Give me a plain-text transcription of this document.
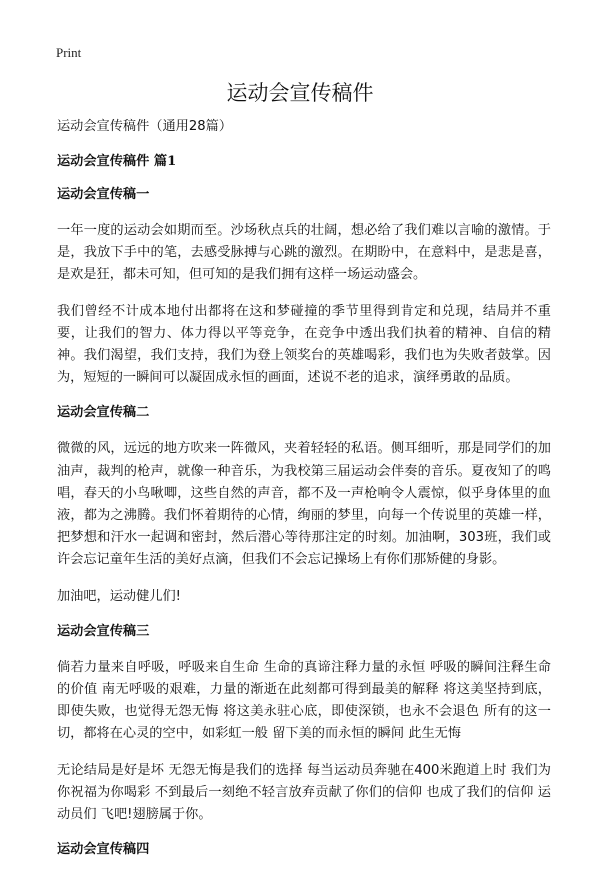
Print
运动会宣传稿件

运动会宣传稿件（通用28篇）

运动会宣传稿件 篇1

运动会宣传稿一

一年一度的运动会如期而至。沙场秋点兵的壮阔，想必给了我们难以言喻的激情。于是，我放下手中的笔，去感受脉搏与心跳的激烈。在期盼中，在意料中，是悲是喜，是欢是狂，都未可知，但可知的是我们拥有这样一场运动盛会。

我们曾经不计成本地付出都将在这和梦碰撞的季节里得到肯定和兑现，结局并不重要，让我们的智力、体力得以平等竞争，在竞争中透出我们执着的精神、自信的精神。我们渴望，我们支持，我们为登上领奖台的英雄喝彩，我们也为失败者鼓掌。因为，短短的一瞬间可以凝固成永恒的画面，述说不老的追求，演绎勇敢的品质。

运动会宣传稿二

微微的风，远远的地方吹来一阵微风，夹着轻轻的私语。侧耳细听，那是同学们的加油声，裁判的枪声，就像一种音乐，为我校第三届运动会伴奏的音乐。夏夜知了的鸣唱，春天的小鸟啾唧，这些自然的声音，都不及一声枪响令人震惊，似乎身体里的血液，都为之沸腾。我们怀着期待的心情，绚丽的梦里，向每一个传说里的英雄一样，把梦想和汗水一起调和密封，然后潜心等待那注定的时刻。加油啊，303班，我们或许会忘记童年生活的美好点滴，但我们不会忘记操场上有你们那矫健的身影。

加油吧，运动健儿们!

运动会宣传稿三

倘若力量来自呼吸，呼吸来自生命 生命的真谛注释力量的永恒 呼吸的瞬间注释生命的价值 南无呼吸的艰难，力量的渐逝在此刻都可得到最美的解释 将这美坚持到底，即使失败，也觉得无怨无悔 将这美永驻心底，即使深锁，也永不会退色 所有的这一切，都将在心灵的空中，如彩虹一般 留下美的而永恒的瞬间 此生无悔

无论结局是好是坏 无怨无悔是我们的选择 每当运动员奔驰在400米跑道上时 我们为你祝福为你喝彩 不到最后一刻绝不轻言放弃贡献了你们的信仰 也成了我们的信仰 运动员们 飞吧!翅膀属于你。

运动会宣传稿四
